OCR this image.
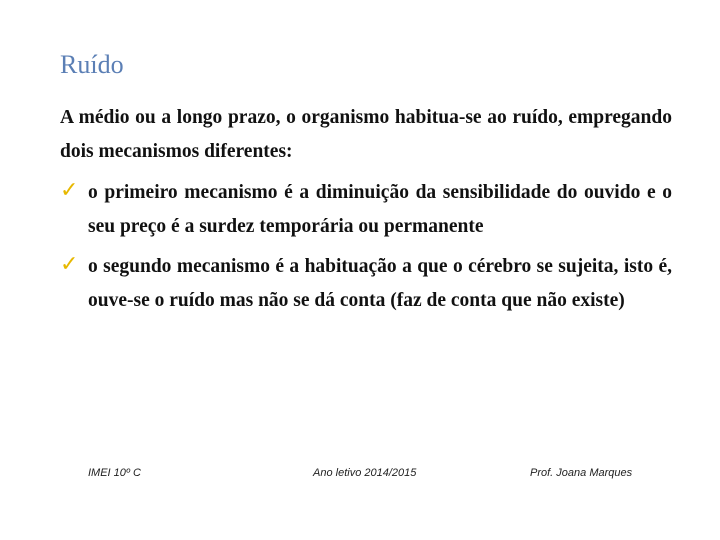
Ruído
A médio ou a longo prazo, o organismo habitua-se ao ruído, empregando dois mecanismos diferentes:
✓ o primeiro mecanismo é a diminuição da sensibilidade do ouvido e o seu preço é a surdez temporária ou permanente
✓ o segundo mecanismo é a habituação a que o cérebro se sujeita, isto é, ouve-se o ruído mas não se dá conta (faz de conta que não existe)
IMEI 10º C	Ano letivo 2014/2015	Prof. Joana Marques
